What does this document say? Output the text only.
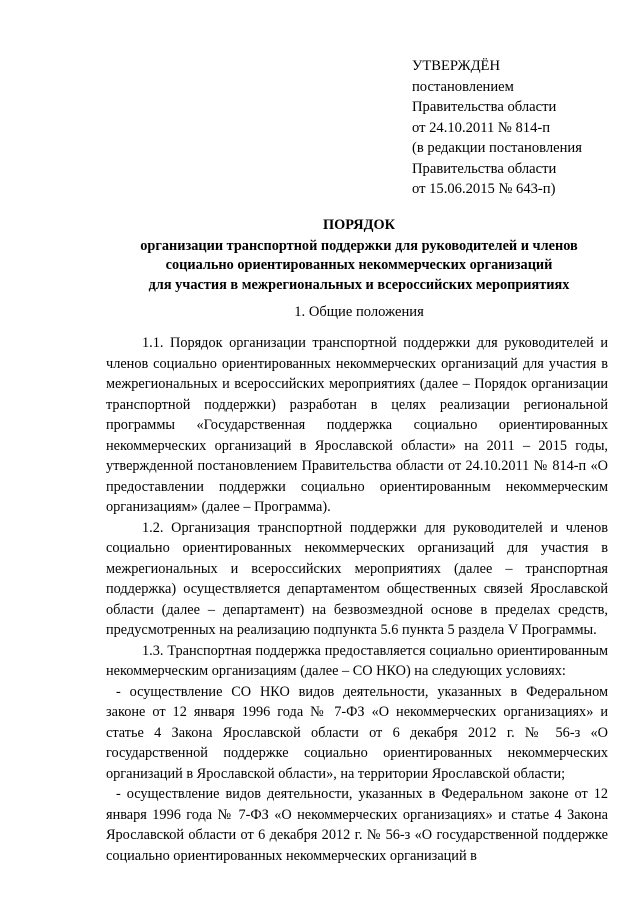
УТВЕРЖДЁН
постановлением
Правительства области
от 24.10.2011 № 814-п
(в редакции постановления
Правительства области
от 15.06.2015 № 643-п)
ПОРЯДОК
организации транспортной поддержки для руководителей и членов
социально ориентированных некоммерческих организаций
для участия в межрегиональных и всероссийских мероприятиях
1. Общие положения

1.1. Порядок организации транспортной поддержки для руководителей и членов социально ориентированных некоммерческих организаций для участия в межрегиональных и всероссийских мероприятиях (далее – Порядок организации транспортной поддержки) разработан в целях реализации региональной программы «Государственная поддержка социально ориентированных некоммерческих организаций в Ярославской области» на 2011 – 2015 годы, утвержденной постановлением Правительства области от 24.10.2011 № 814-п «О предоставлении поддержки социально ориентированным некоммерческим организациям» (далее – Программа).

1.2. Организация транспортной поддержки для руководителей и членов социально ориентированных некоммерческих организаций для участия в межрегиональных и всероссийских мероприятиях (далее – транспортная поддержка) осуществляется департаментом общественных связей Ярославской области (далее – департамент) на безвозмездной основе в пределах средств, предусмотренных на реализацию подпункта 5.6 пункта 5 раздела V Программы.

1.3. Транспортная поддержка предоставляется социально ориентированным некоммерческим организациям (далее – СО НКО) на следующих условиях:

- осуществление СО НКО видов деятельности, указанных в Федеральном законе от 12 января 1996 года № 7-ФЗ «О некоммерческих организациях» и статье 4 Закона Ярославской области от 6 декабря 2012 г. № 56-з «О государственной поддержке социально ориентированных некоммерческих организаций в Ярославской области», на территории Ярославской области;

- осуществление видов деятельности, указанных в Федеральном законе от 12 января 1996 года № 7-ФЗ «О некоммерческих организациях» и статье 4 Закона Ярославской области от 6 декабря 2012 г. № 56-з «О государственной поддержке социально ориентированных некоммерческих организаций в
